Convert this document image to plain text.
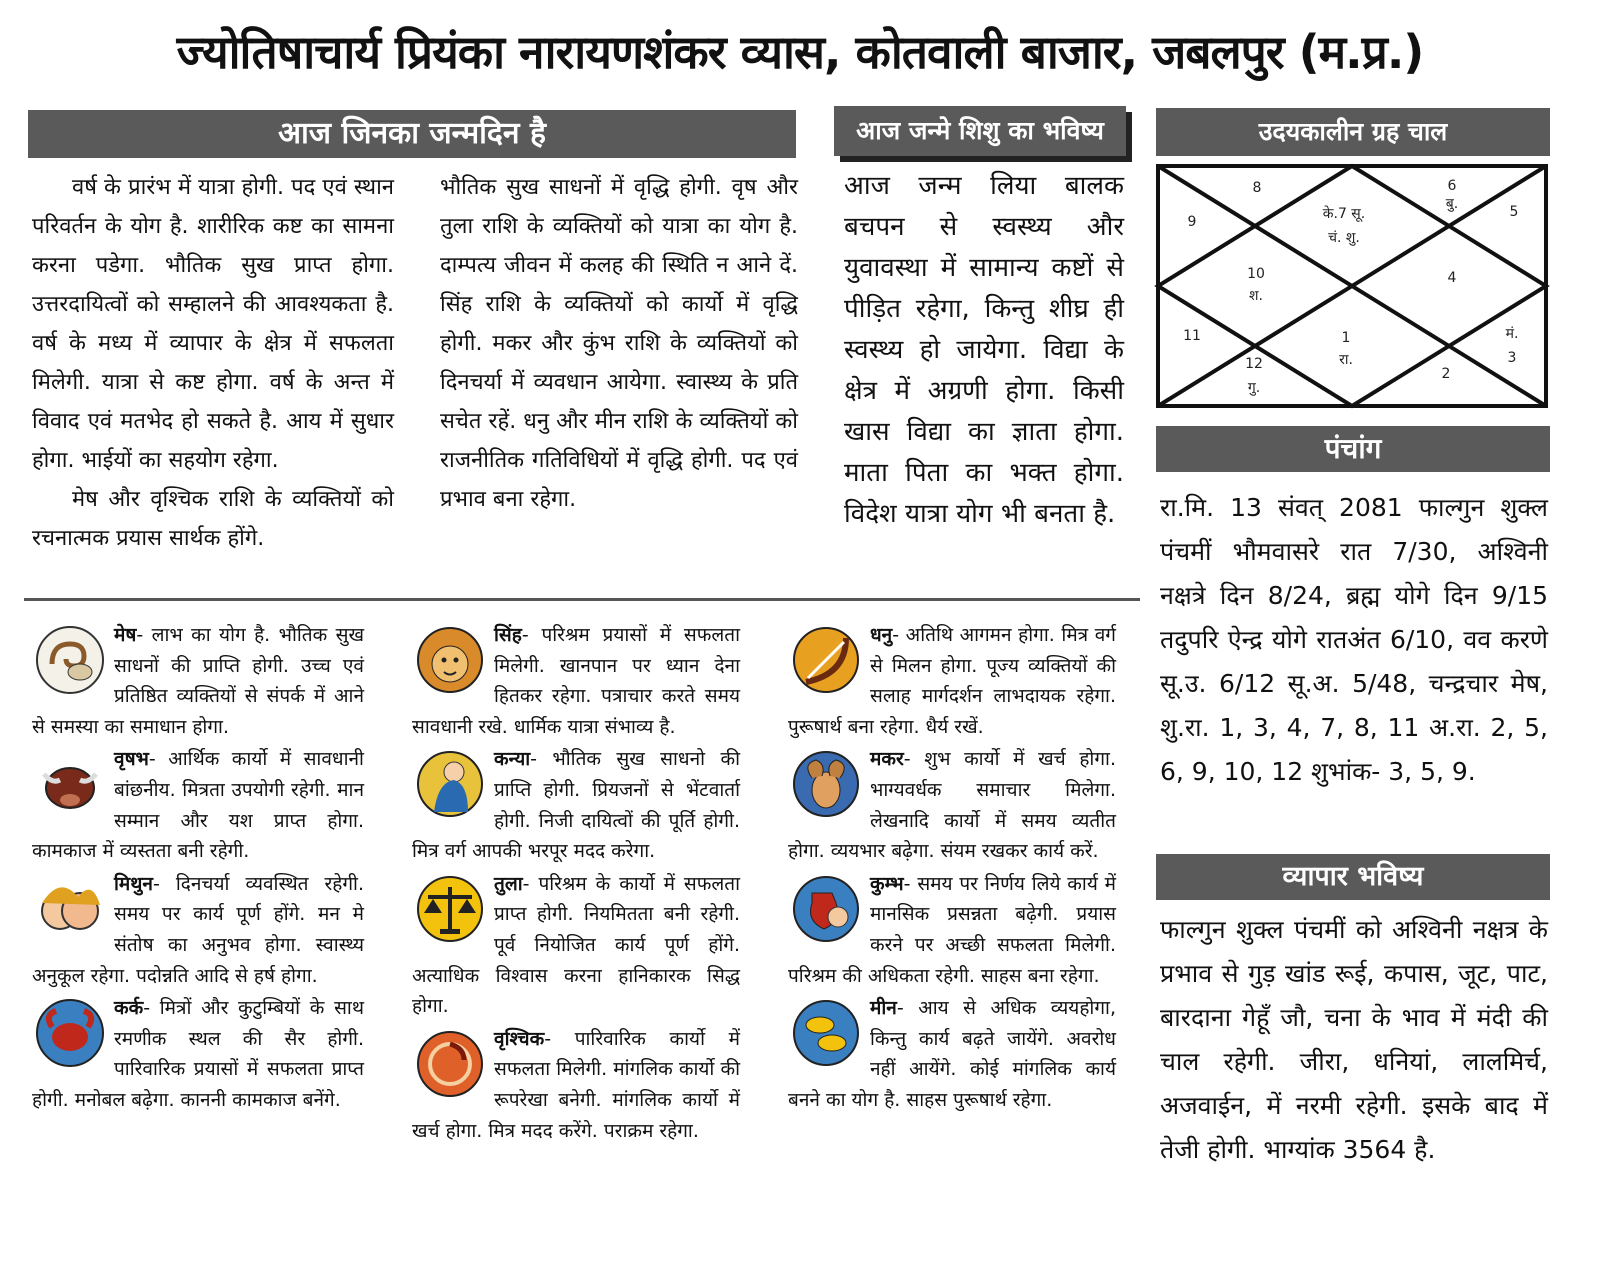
ज्योतिषाचार्य प्रियंका नारायणशंकर व्यास, कोतवाली बाजार, जबलपुर (म.प्र.)
आज जिनका जन्मदिन है

वर्ष के प्रारंभ में यात्रा होगी. पद एवं स्थान परिवर्तन के योग है. शारीरिक कष्ट का सामना करना पडेगा. भौतिक सुख प्राप्त होगा. उत्तरदायित्वों को सम्हालने की आवश्यकता है. वर्ष के मध्य में व्यापार के क्षेत्र में सफलता मिलेगी. यात्रा से कष्ट होगा. वर्ष के अन्त में विवाद एवं मतभेद हो सकते है. आय में सुधार होगा. भाईयों का सहयोग रहेगा.

मेष और वृश्चिक राशि के व्यक्तियों को रचनात्मक प्रयास सार्थक होंगे.

भौतिक सुख साधनों में वृद्धि होगी. वृष और तुला राशि के व्यक्तियों को यात्रा का योग है. दाम्पत्य जीवन में कलह की स्थिति न आने दें. सिंह राशि के व्यक्तियों को कार्यो में वृद्धि होगी. मकर और कुंभ राशि के व्यक्तियों को दिनचर्या में व्यवधान आयेगा. स्वास्थ्य के प्रति सचेत रहें. धनु और मीन राशि के व्यक्तियों को राजनीतिक गतिविधियों में वृद्धि होगी. पद एवं प्रभाव बना रहेगा.

आज जन्मे शिशु का भविष्य
आज जन्म लिया बालक बचपन से स्वस्थ्य और युवावस्था में सामान्य कष्टों से पीड़ित रहेगा, किन्तु शीघ्र ही स्वस्थ्य हो जायेगा. विद्या के क्षेत्र में अग्रणी होगा. किसी खास विद्या का ज्ञाता होगा. माता पिता का भक्त होगा. विदेश यात्रा योग भी बनता है.
उदयकालीन ग्रह चाल
8	6
बु.
9
5
के.7 सू.
चं. शु.
10
श.
4
11	1
रा.
मं.
3
12
गु.
2
पंचांग
रा.मि. 13 संवत् 2081 फाल्गुन शुक्ल पंचमीं भौमवासरे रात 7/30, अश्विनी नक्षत्रे दिन 8/24, ब्रह्म योगे दिन 9/15 तदुपरि ऐन्द्र योगे रातअंत 6/10, वव करणे सू.उ. 6/12 सू.अ. 5/48, चन्द्रचार मेष, शु.रा. 1, 3, 4, 7, 8, 11 अ.रा. 2, 5, 6, 9, 10, 12 शुभांक- 3, 5, 9.
व्यापार भविष्य
फाल्गुन शुक्ल पंचमीं को अश्विनी नक्षत्र के प्रभाव से गुड़ खांड रूई, कपास, जूट, पाट, बारदाना गेहूँ जौ, चना के भाव में मंदी की चाल रहेगी. जीरा, धनियां, लालमिर्च, अजवाईन, में नरमी रहेगी. इसके बाद में तेजी होगी. भाग्यांक 3564 है.
मेष-
लाभ का योग है. भौतिक सुख साधनों की प्राप्ति होगी. उच्च एवं प्रतिष्ठित व्यक्तियों से संपर्क में आने से समस्या का समाधान होगा.
वृषभ-
आर्थिक कार्यो में सावधानी बांछनीय. मित्रता उपयोगी रहेगी. मान सम्मान और यश प्राप्त होगा. कामकाज में व्यस्तता बनी रहेगी.
मिथुन-
दिनचर्या व्यवस्थित रहेगी. समय पर कार्य पूर्ण होंगे. मन मे संतोष का अनुभव होगा. स्वास्थ्य अनुकूल रहेगा. पदोन्नति आदि से हर्ष होगा.
कर्क-
मित्रों और कुटुम्बियों के साथ रमणीक स्थल की सैर होगी. पारिवारिक प्रयासों में सफलता प्राप्त होगी. मनोबल बढ़ेगा. काननी कामकाज बनेंगे.
सिंह-
परिश्रम प्रयासों में सफलता मिलेगी. खानपान पर ध्यान देना हितकर रहेगा. पत्राचार करते समय सावधानी रखे. धार्मिक यात्रा संभाव्य है.
कन्या-
भौतिक सुख साधनो की प्राप्ति होगी. प्रियजनों से भेंटवार्ता होगी. निजी दायित्वों की पूर्ति होगी. मित्र वर्ग आपकी भरपूर मदद करेगा.
तुला-
परिश्रम के कार्यो में सफलता प्राप्त होगी. नियमितता बनी रहेगी. पूर्व नियोजित कार्य पूर्ण होंगे. अत्याधिक विश्वास करना हानिकारक सिद्ध होगा.
वृश्चिक-
पारिवारिक कार्यो में सफलता मिलेगी. मांगलिक कार्यो की रूपरेखा बनेगी. मांगलिक कार्यो में खर्च होगा. मित्र मदद करेंगे. पराक्रम रहेगा.
धनु-
अतिथि आगमन होगा. मित्र वर्ग से मिलन होगा. पूज्य व्यक्तियों की सलाह मार्गदर्शन लाभदायक रहेगा. पुरूषार्थ बना रहेगा. धैर्य रखें.
मकर-
शुभ कार्यो में खर्च होगा. भाग्यवर्धक समाचार मिलेगा. लेखनादि कार्यो में समय व्यतीत होगा. व्ययभार बढ़ेगा. संयम रखकर कार्य करें.
कुम्भ-
समय पर निर्णय लिये कार्य में मानसिक प्रसन्नता बढ़ेगी. प्रयास करने पर अच्छी सफलता मिलेगी. परिश्रम की अधिकता रहेगी. साहस बना रहेगा.
मीन-
आय से अधिक व्ययहोगा, किन्तु कार्य बढ़ते जायेंगे. अवरोध नहीं आयेंगे. कोई मांगलिक कार्य बनने का योग है. साहस पुरूषार्थ रहेगा.
